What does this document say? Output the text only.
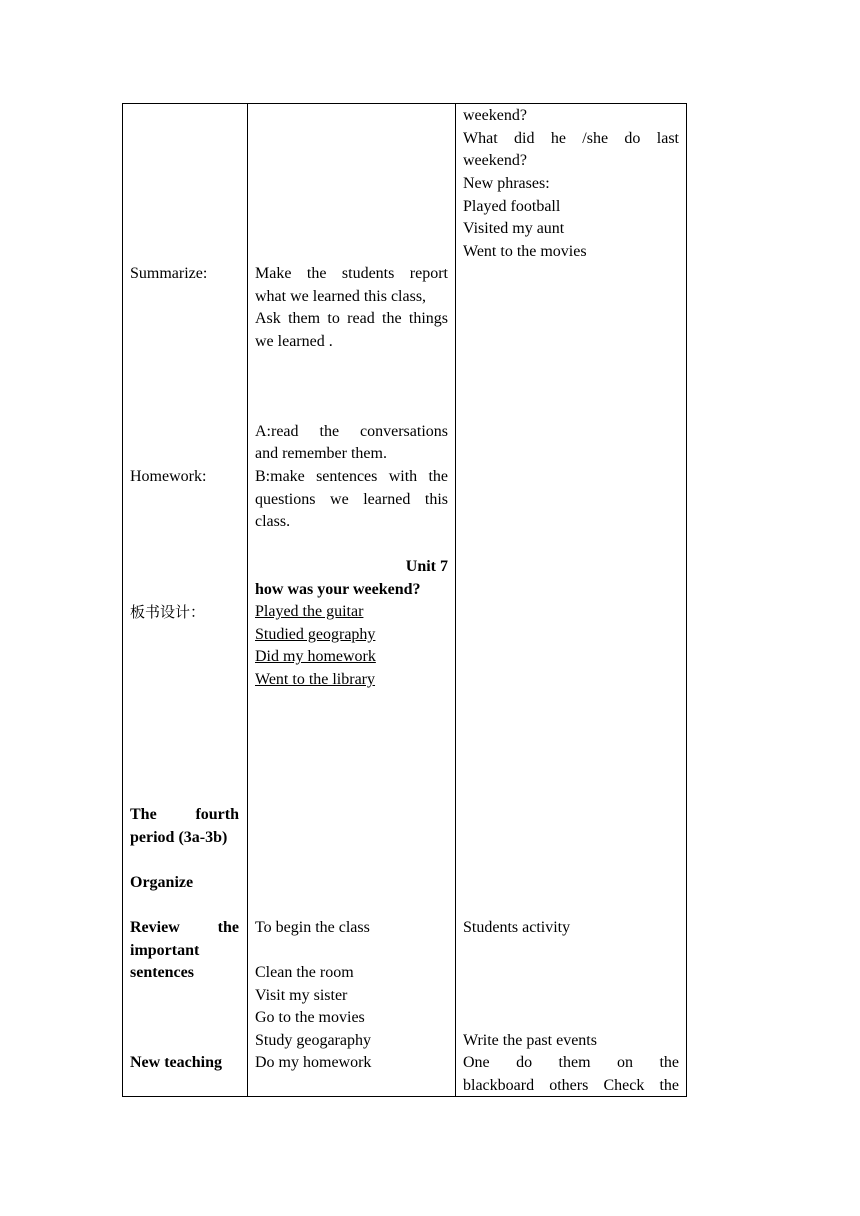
Summarize:
Homework:
板书设计：
The fourth
period (3a-3b)
Organize
Review the
important
sentences
New teaching
Make the students report
what we learned this class,
Ask them to read the things
we learned .
A:read the conversations
and remember them.
B:make sentences with the
questions we learned this
class.
Unit 7
how was your weekend?
Played the guitar
Studied geography
Did my homework
Went to the library
To begin the class
Clean the room
Visit my sister
Go to the movies
Study geogaraphy
Do my homework
weekend?
What did he /she do last
weekend?
New phrases:
Played football
Visited my aunt
Went to the movies
Students activity
Write the past events
One do them on the
blackboard others Check the
